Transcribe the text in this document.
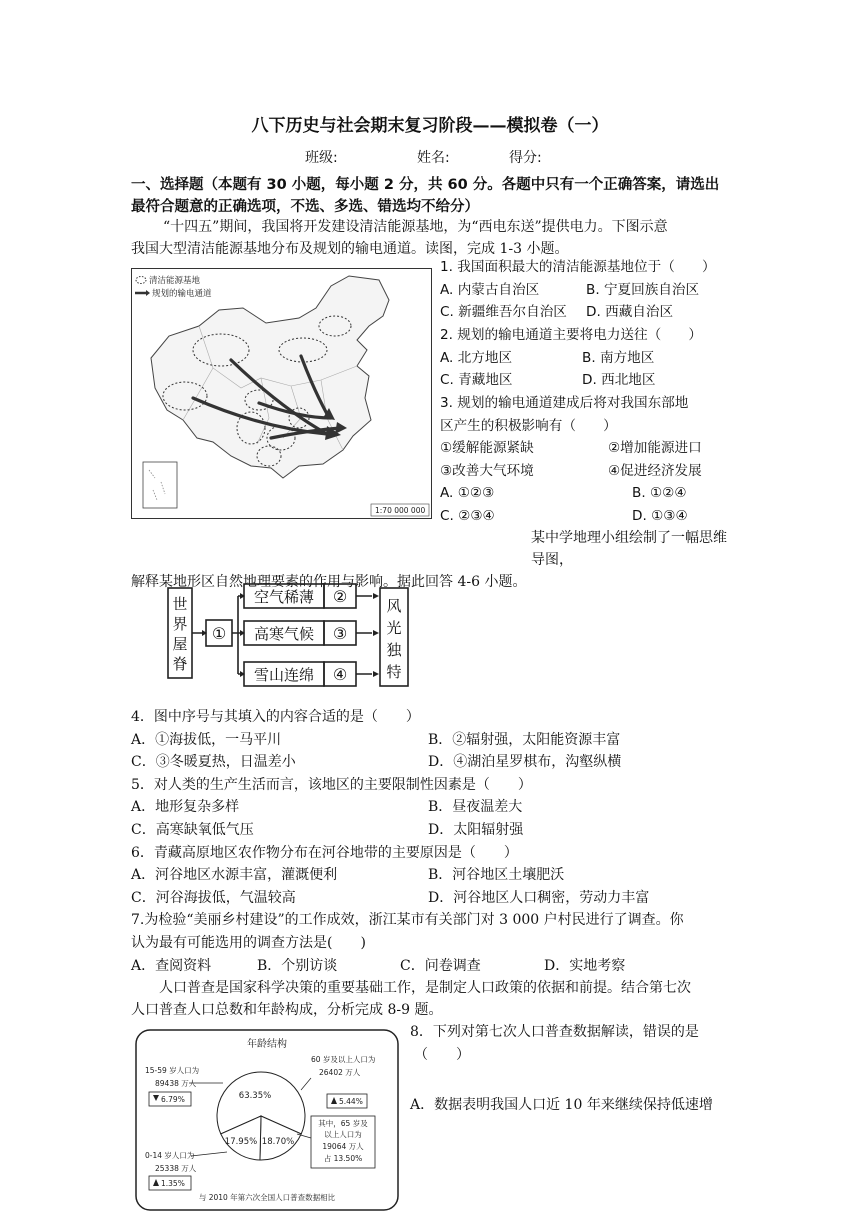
八下历史与社会期末复习阶段——模拟卷（一）
班级:	姓名:	得分:
一、选择题（本题有 30 小题，每小题 2 分，共 60 分。各题中只有一个正确答案，请选出
最符合题意的正确选项，不选、多选、错选均不给分）
“十四五”期间，我国将开发建设清洁能源基地，为“西电东送”提供电力。下图示意
我国大型清洁能源基地分布及规划的输电通道。读图，完成 1-3 小题。
清洁能源基地
规划的输电通道
1:70 000 000
1. 我国面积最大的清洁能源基地位于（　　）
A. 内蒙古自治区	B. 宁夏回族自治区
C. 新疆维吾尔自治区 D. 西藏自治区
2. 规划的输电通道主要将电力送往（　　）
A. 北方地区	B. 南方地区
C. 青藏地区	D. 西北地区
3. 规划的输电通道建成后将对我国东部地
区产生的积极影响有（　　）
①缓解能源紧缺	②增加能源进口
③改善大气环境	④促进经济发展
A. ①②③	B. ①②④
C. ②③④	D. ①③④
某中学地理小组绘制了一幅思维导图，
解释某地形区自然地理要素的作用与影响。据此回答 4-6 小题。
世
界
屋
脊
①
空气稀薄
高寒气候
雪山连绵
②
③
④
风
光
独
特
4．图中序号与其填入的内容合适的是（　　）
A．①海拔低，一马平川	B．②辐射强，太阳能资源丰富
C．③冬暖夏热，日温差小	D．④湖泊星罗棋布，沟壑纵横
5．对人类的生产生活而言，该地区的主要限制性因素是（　　）
A．地形复杂多样	B．昼夜温差大
C．高寒缺氧低气压	D．太阳辐射强
6．青藏高原地区农作物分布在河谷地带的主要原因是（　　）
A．河谷地区水源丰富，灌溉便利	B．河谷地区土壤肥沃
C．河谷海拔低，气温较高	D．河谷地区人口稠密，劳动力丰富
7.为检验“美丽乡村建设”的工作成效，浙江某市有关部门对 3 000 户村民进行了调查。你
认为最有可能选用的调查方法是(　　)
A．查阅资料	B．个别访谈	C．问卷调查	D．实地考察
人口普查是国家科学决策的重要基础工作，是制定人口政策的依据和前提。结合第七次
人口普查人口总数和年龄构成，分析完成 8-9 题。
年龄结构
63.35%
17.95% 18.70%
15-59 岁人口为
89438 万人
6.79%
0-14 岁人口为
25338 万人
1.35%
60 岁及以上人口为
26402 万人
5.44%
其中，65 岁及
以上人口为
19064 万人
占 13.50%
与 2010 年第六次全国人口普查数据相比
8．下列对第七次人口普查数据解读，错误的是
（　　）
A．数据表明我国人口近 10 年来继续保持低速增
